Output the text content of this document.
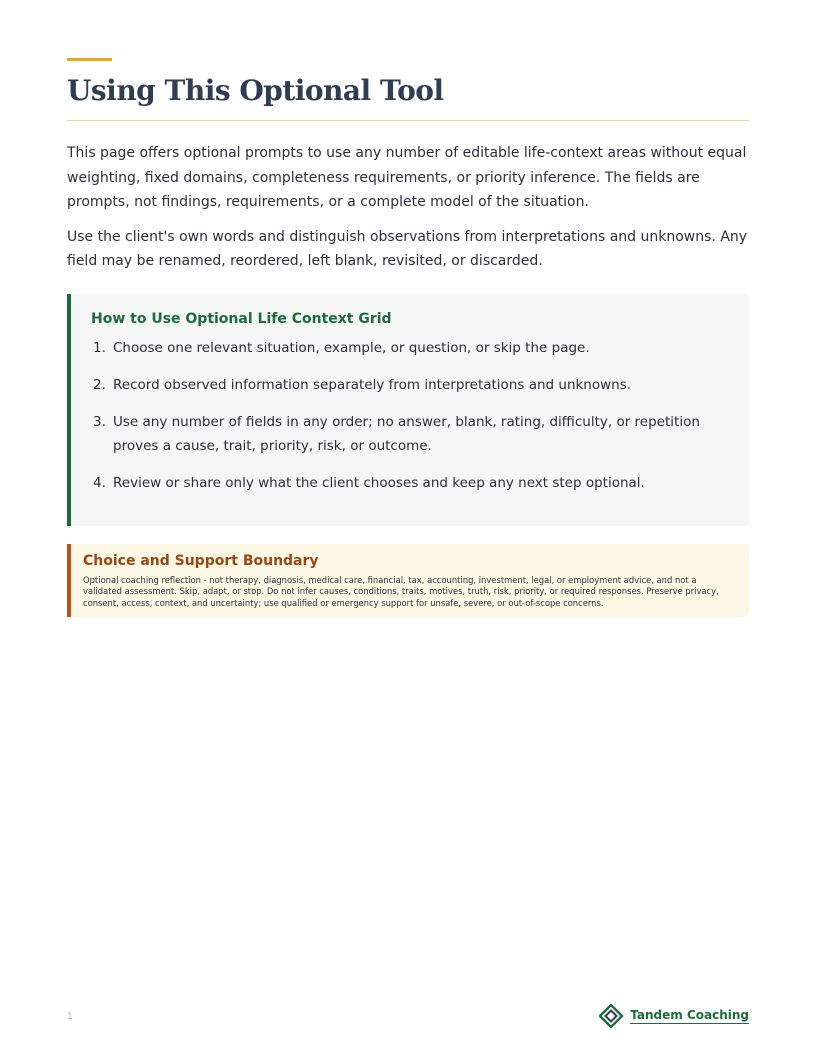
Using This Optional Tool

This page offers optional prompts to use any number of editable life-context areas without equal weighting, fixed domains, completeness requirements, or priority inference. The fields are prompts, not findings, requirements, or a complete model of the situation.

Use the client's own words and distinguish observations from interpretations and unknowns. Any field may be renamed, reordered, left blank, revisited, or discarded.

How to Use Optional Life Context Grid
1. Choose one relevant situation, example, or question, or skip the page.
2. Record observed information separately from interpretations and unknowns.
3. Use any number of fields in any order; no answer, blank, rating, difficulty, or repetition proves a cause, trait, priority, risk, or outcome.
4. Review or share only what the client chooses and keep any next step optional.
Choice and Support Boundary

Optional coaching reflection - not therapy, diagnosis, medical care, financial, tax, accounting, investment, legal, or employment advice, and not a validated assessment. Skip, adapt, or stop. Do not infer causes, conditions, traits, motives, truth, risk, priority, or required responses. Preserve privacy, consent, access, context, and uncertainty; use qualified or emergency support for unsafe, severe, or out-of-scope concerns.

1	Tandem Coaching
